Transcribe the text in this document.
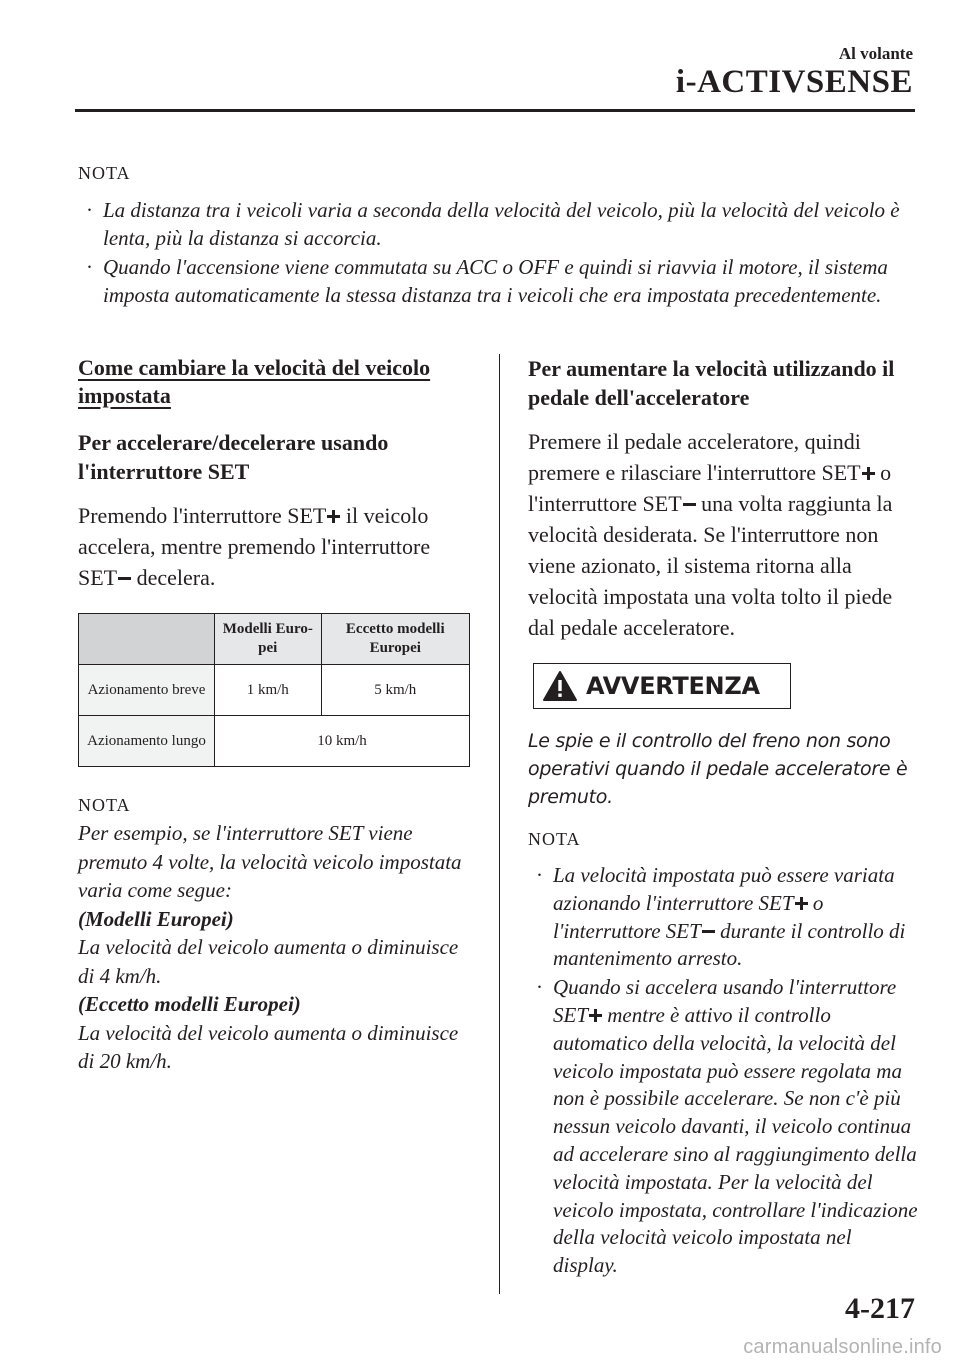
Al volante
i-ACTIVSENSE
NOTA
· La distanza tra i veicoli varia a seconda della velocità del veicolo, più la velocità del veicolo è lenta, più la distanza si accorcia.
· Quando l'accensione viene commutata su ACC o OFF e quindi si riavvia il motore, il sistema imposta automaticamente la stessa distanza tra i veicoli che era impostata precedentemente.
Come cambiare la velocità del veicolo impostata
Per accelerare/decelerare usando l'interruttore SET

Premendo l'interruttore SET
il veicolo accelera, mentre premendo l'interruttore SET
decelera.

	Modelli Euro-pei	Eccetto modelli Europei
Azionamento breve	1 km/h	5 km/h
Azionamento lungo	10 km/h	
NOTA
Per esempio, se l'interruttore SET viene premuto 4 volte, la velocità veicolo impostata varia come segue:
(Modelli Europei)
La velocità del veicolo aumenta o diminuisce di 4 km/h.
(Eccetto modelli Europei)
La velocità del veicolo aumenta o diminuisce di 20 km/h.
Per aumentare la velocità utilizzando il pedale dell'acceleratore

Premere il pedale acceleratore, quindi premere e rilasciare l'interruttore SET
o l'interruttore SET
una volta raggiunta la velocità desiderata. Se l'interruttore non viene azionato, il sistema ritorna alla velocità impostata una volta tolto il piede dal pedale acceleratore.

AVVERTENZA

Le spie e il controllo del freno non sono operativi quando il pedale acceleratore è premuto.

NOTA
· La velocità impostata può essere variata azionando l'interruttore SET
o l'interruttore SET
durante il controllo di mantenimento arresto.
· Quando si accelera usando l'interruttore SET
mentre è attivo il controllo automatico della velocità, la velocità del veicolo impostata può essere regolata ma non è possibile accelerare. Se non c'è più nessun veicolo davanti, il veicolo continua ad accelerare sino al raggiungimento della velocità impostata. Per la velocità del veicolo impostata, controllare l'indicazione della velocità veicolo impostata nel display.
4-217
carmanualsonline.info
